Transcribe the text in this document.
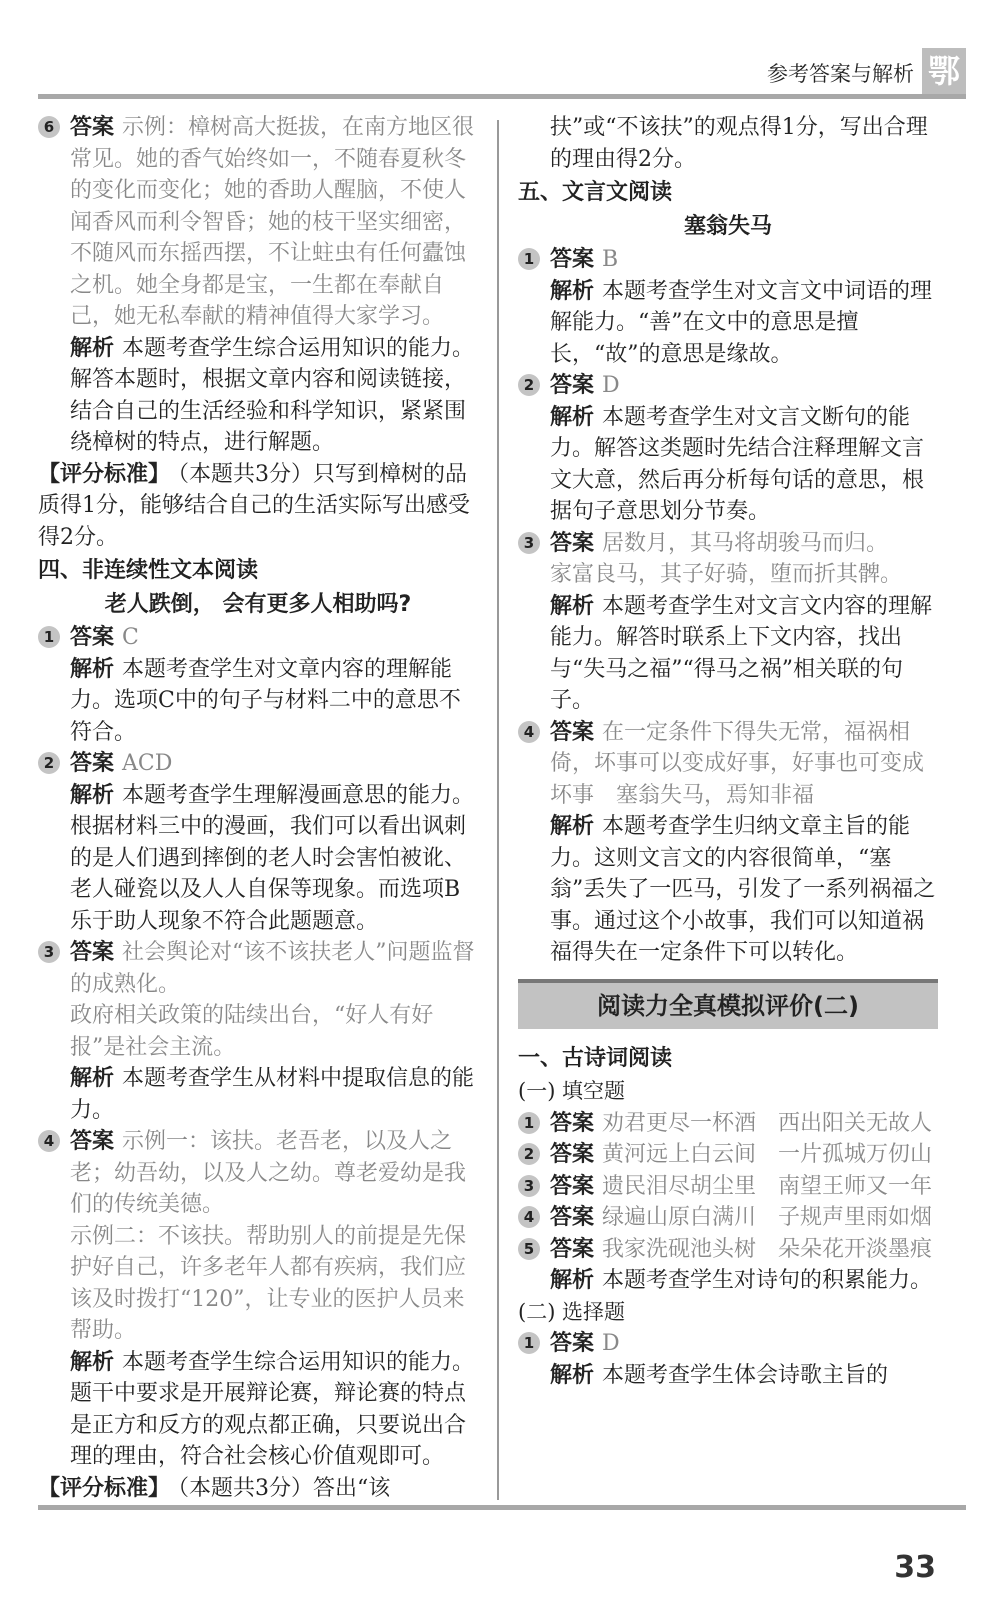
参考答案与解析 鄂
6 答案 示例：樟树高大挺拔，在南方地区很常见。她的香气始终如一，不随春夏秋冬的变化而变化；她的香助人醒脑，不使人闻香风而利令智昏；她的枝干坚实细密，不随风而东摇西摆，不让蛀虫有任何蠹蚀之机。她全身都是宝，一生都在奉献自己，她无私奉献的精神值得大家学习。

解析 本题考查学生综合运用知识的能力。解答本题时，根据文章内容和阅读链接，结合自己的生活经验和科学知识，紧紧围绕樟树的特点，进行解题。

【评分标准】 （本题共3分）只写到樟树的品质得1分，能够结合自己的生活实际写出感受得2分。

四、非连续性文本阅读
老人跌倒， 会有更多人相助吗?
1 答案 C

解析 本题考查学生对文章内容的理解能力。选项C中的句子与材料二中的意思不符合。

2 答案 ACD

解析 本题考查学生理解漫画意思的能力。根据材料三中的漫画，我们可以看出讽刺的是人们遇到摔倒的老人时会害怕被讹、老人碰瓷以及人人自保等现象。而选项B乐于助人现象不符合此题题意。

3 答案 社会舆论对“该不该扶老人”问题监督的成熟化。

政府相关政策的陆续出台，“好人有好报”是社会主流。

解析 本题考查学生从材料中提取信息的能力。

4 答案 示例一：该扶。老吾老，以及人之老；幼吾幼，以及人之幼。尊老爱幼是我们的传统美德。

示例二：不该扶。帮助别人的前提是先保护好自己，许多老年人都有疾病，我们应该及时拨打“120”，让专业的医护人员来帮助。

解析 本题考查学生综合运用知识的能力。题干中要求是开展辩论赛，辩论赛的特点是正方和反方的观点都正确，只要说出合理的理由，符合社会核心价值观即可。

【评分标准】 （本题共3分）答出“该

扶”或“不该扶”的观点得1分，写出合理的理由得2分。

五、文言文阅读
塞翁失马
1 答案 B

解析 本题考查学生对文言文中词语的理解能力。“善”在文中的意思是擅长，“故”的意思是缘故。

2 答案 D

解析 本题考查学生对文言文断句的能力。解答这类题时先结合注释理解文言文大意，然后再分析每句话的意思，根据句子意思划分节奏。

3 答案 居数月，其马将胡骏马而归。

家富良马，其子好骑，堕而折其髀。

解析 本题考查学生对文言文内容的理解能力。解答时联系上下文内容，找出与“失马之福”“得马之祸”相关联的句子。

4 答案 在一定条件下得失无常，福祸相倚，坏事可以变成好事，好事也可变成坏事　塞翁失马，焉知非福

解析 本题考查学生归纳文章主旨的能力。这则文言文的内容很简单，“塞翁”丢失了一匹马，引发了一系列祸福之事。通过这个小故事，我们可以知道祸福得失在一定条件下可以转化。

阅读力全真模拟评价(二)
一、古诗词阅读
(一) 填空题
1 答案 劝君更尽一杯酒　西出阳关无故人
2 答案 黄河远上白云间　一片孤城万仞山
3 答案 遗民泪尽胡尘里　南望王师又一年
4 答案 绿遍山原白满川　子规声里雨如烟
5 答案 我家洗砚池头树　朵朵花开淡墨痕

解析 本题考查学生对诗句的积累能力。

(二) 选择题
1 答案 D

解析 本题考查学生体会诗歌主旨的

33
